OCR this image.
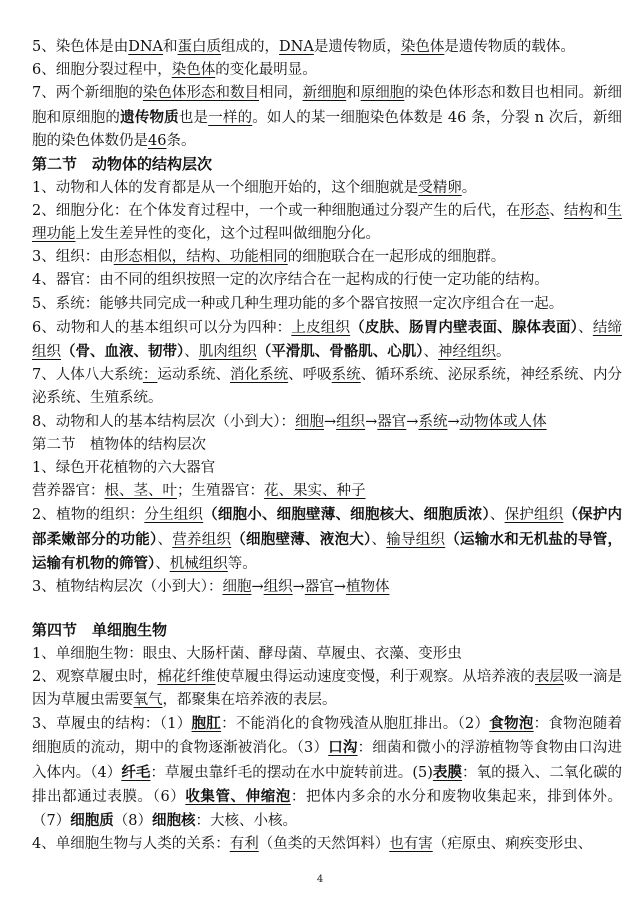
5、染色体是由DNA和蛋白质组成的，DNA是遗传物质，染色体是遗传物质的载体。

6、细胞分裂过程中，染色体的变化最明显。

7、两个新细胞的染色体形态和数目相同，新细胞和原细胞的染色体形态和数目也相同。新细胞和原细胞的遗传物质也是一样的。如人的某一细胞染色体数是 46 条，分裂 n 次后，新细胞的染色体数仍是46条。

第二节　动物体的结构层次

1、动物和人体的发育都是从一个细胞开始的，这个细胞就是受精卵。

2、细胞分化：在个体发育过程中，一个或一种细胞通过分裂产生的后代，在形态、结构和生理功能上发生差异性的变化，这个过程叫做细胞分化。

3、组织：由形态相似，结构、功能相同的细胞联合在一起形成的细胞群。

4、器官：由不同的组织按照一定的次序结合在一起构成的行使一定功能的结构。

5、系统：能够共同完成一种或几种生理功能的多个器官按照一定次序组合在一起。

6、动物和人的基本组织可以分为四种：上皮组织（皮肤、肠胃内壁表面、腺体表面）、结缔组织（骨、血液、韧带）、肌肉组织（平滑肌、骨骼肌、心肌）、神经组织。

7、人体八大系统：运动系统、消化系统、呼吸系统、循环系统、泌尿系统，神经系统、内分泌系统、生殖系统。

8、动物和人的基本结构层次（小到大）：细胞→组织→器官→系统→动物体或人体

第二节　植物体的结构层次

1、绿色开花植物的六大器官

营养器官：根、茎、叶；生殖器官：花、果实、种子

2、植物的组织：分生组织（细胞小、细胞壁薄、细胞核大、细胞质浓）、保护组织（保护内部柔嫩部分的功能）、营养组织（细胞壁薄、液泡大）、输导组织（运输水和无机盐的导管，运输有机物的筛管）、机械组织等。

3、植物结构层次（小到大）：细胞→组织→器官→植物体

第四节　单细胞生物

1、单细胞生物：眼虫、大肠杆菌、酵母菌、草履虫、衣藻、变形虫

2、观察草履虫时，棉花纤维使草履虫得运动速度变慢，利于观察。从培养液的表层吸一滴是因为草履虫需要氧气，都聚集在培养液的表层。

3、草履虫的结构：（1）胞肛：不能消化的食物残渣从胞肛排出。（2）食物泡：食物泡随着细胞质的流动，期中的食物逐渐被消化。（3）口沟：细菌和微小的浮游植物等食物由口沟进入体内。（4）纤毛：草履虫靠纤毛的摆动在水中旋转前进。(5)表膜：氧的摄入、二氧化碳的排出都通过表膜。（6）收集管、伸缩泡：把体内多余的水分和废物收集起来，排到体外。（7）细胞质（8）细胞核：大核、小核。

4、单细胞生物与人类的关系：有利（鱼类的天然饵料）也有害（疟原虫、痢疾变形虫、

4
